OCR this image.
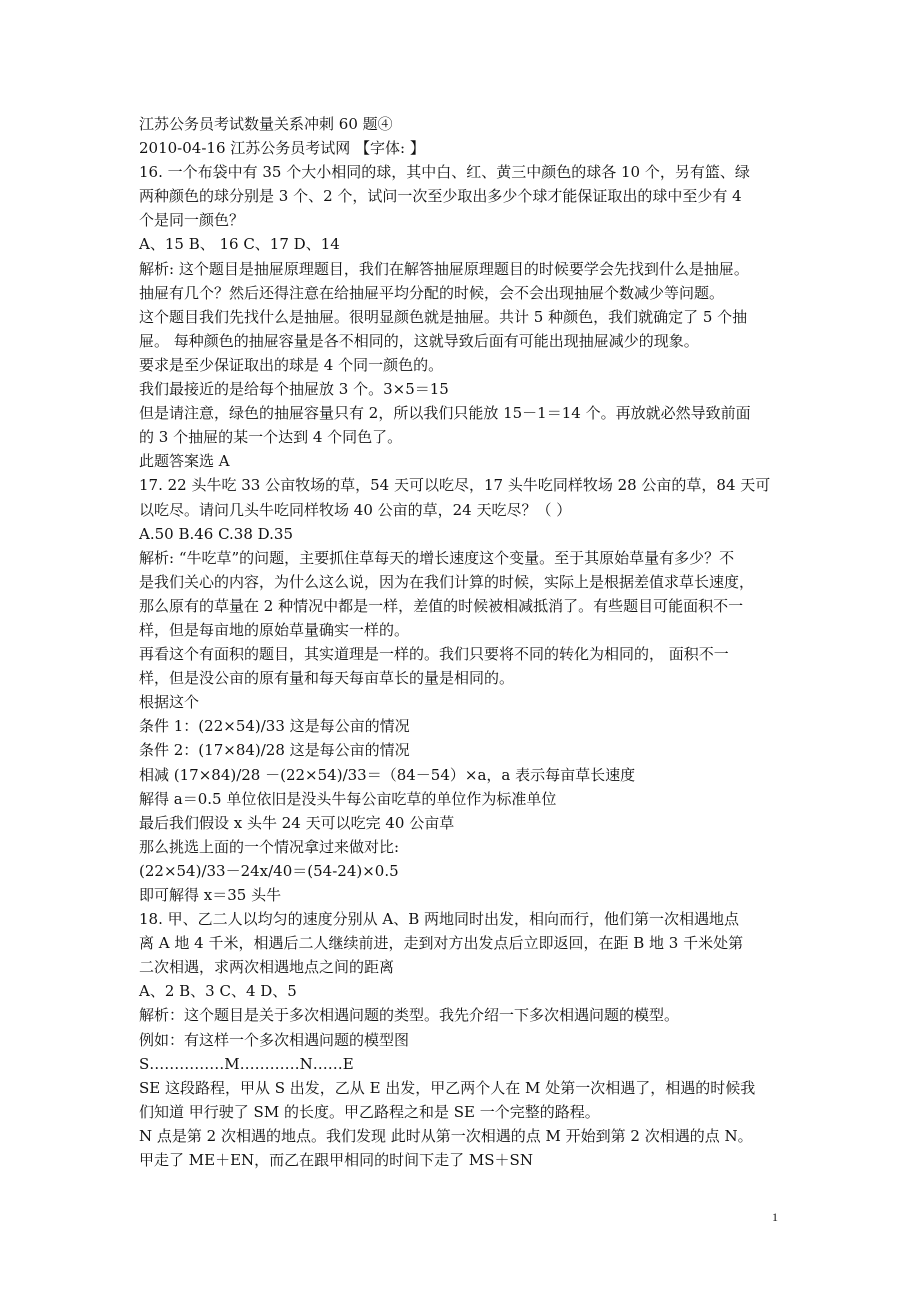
江苏公务员考试数量关系冲刺 60 题④
2010-04-16 江苏公务员考试网 【字体: 】
16. 一个布袋中有 35 个大小相同的球，其中白、红、黄三中颜色的球各 10 个，另有篮、绿
两种颜色的球分别是 3 个、2 个，试问一次至少取出多少个球才能保证取出的球中至少有 4
个是同一颜色？
A、15 B、 16 C、17 D、14
解析: 这个题目是抽屉原理题目，我们在解答抽屉原理题目的时候要学会先找到什么是抽屉。
抽屉有几个？然后还得注意在给抽屉平均分配的时候，会不会出现抽屉个数减少等问题。
这个题目我们先找什么是抽屉。很明显颜色就是抽屉。共计 5 种颜色，我们就确定了 5 个抽
屉。 每种颜色的抽屉容量是各不相同的，这就导致后面有可能出现抽屉减少的现象。
要求是至少保证取出的球是 4 个同一颜色的。
我们最接近的是给每个抽屉放 3 个。3×5＝15
但是请注意，绿色的抽屉容量只有 2，所以我们只能放 15－1＝14 个。再放就必然导致前面
的 3 个抽屉的某一个达到 4 个同色了。
此题答案选 A
17. 22 头牛吃 33 公亩牧场的草，54 天可以吃尽，17 头牛吃同样牧场 28 公亩的草，84 天可
以吃尽。请问几头牛吃同样牧场 40 公亩的草，24 天吃尽？（ ）
A.50 B.46 C.38 D.35
解析: “牛吃草”的问题，主要抓住草每天的增长速度这个变量。至于其原始草量有多少？不
是我们关心的内容，为什么这么说，因为在我们计算的时候，实际上是根据差值求草长速度，
那么原有的草量在 2 种情况中都是一样，差值的时候被相减抵消了。有些题目可能面积不一
样，但是每亩地的原始草量确实一样的。
再看这个有面积的题目，其实道理是一样的。我们只要将不同的转化为相同的， 面积不一
样，但是没公亩的原有量和每天每亩草长的量是相同的。
根据这个
条件 1：(22×54)/33 这是每公亩的情况
条件 2：(17×84)/28 这是每公亩的情况
相减 (17×84)/28 －(22×54)/33＝（84－54）×a，a 表示每亩草长速度
解得 a＝0.5 单位依旧是没头牛每公亩吃草的单位作为标准单位
最后我们假设 x 头牛 24 天可以吃完 40 公亩草
那么挑选上面的一个情况拿过来做对比:
(22×54)/33－24x/40＝(54-24)×0.5
即可解得 x＝35 头牛
18. 甲、乙二人以均匀的速度分别从 A、B 两地同时出发，相向而行，他们第一次相遇地点
离 A 地 4 千米，相遇后二人继续前进，走到对方出发点后立即返回，在距 B 地 3 千米处第
二次相遇，求两次相遇地点之间的距离
A、2 B、3 C、4 D、5
解析：这个题目是关于多次相遇问题的类型。我先介绍一下多次相遇问题的模型。
例如：有这样一个多次相遇问题的模型图
S……………M…………N……E
SE 这段路程，甲从 S 出发，乙从 E 出发，甲乙两个人在 M 处第一次相遇了，相遇的时候我
们知道 甲行驶了 SM 的长度。甲乙路程之和是 SE 一个完整的路程。
N 点是第 2 次相遇的地点。我们发现 此时从第一次相遇的点 M 开始到第 2 次相遇的点 N。
甲走了 ME＋EN，而乙在跟甲相同的时间下走了 MS＋SN
1
